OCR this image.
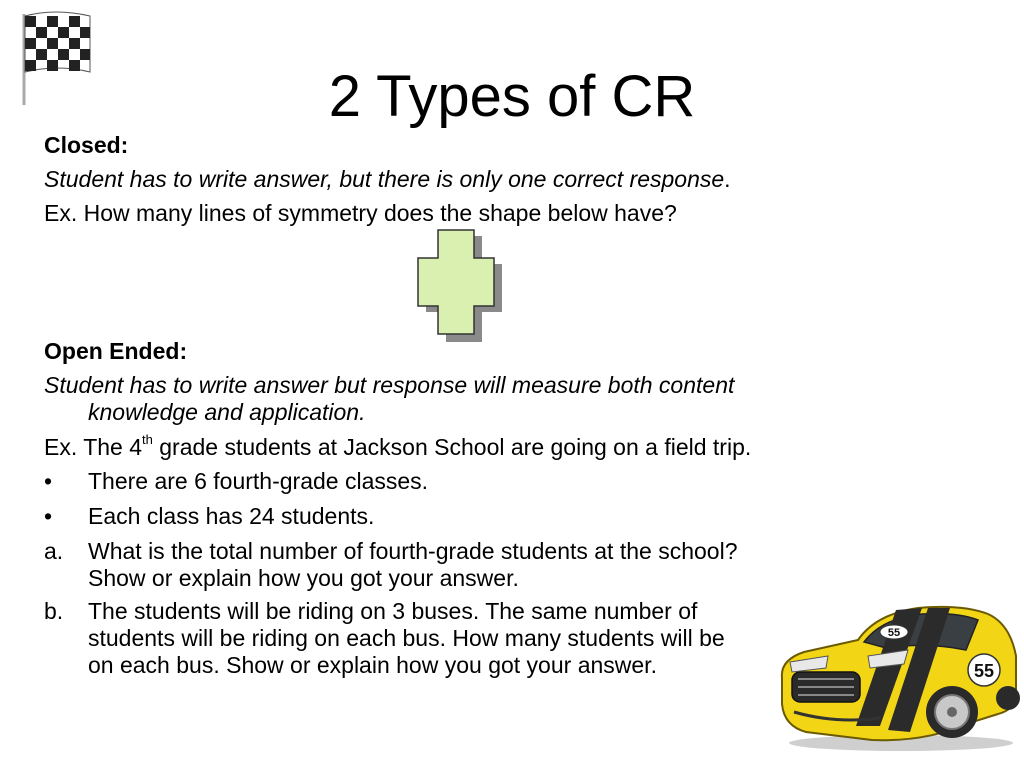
2 Types of CR
Closed:
Student has to write answer, but there is only one correct response.
Ex. How many lines of symmetry does the shape below have?
Open Ended:
Student has to write answer but response will measure both content
knowledge and application.
Ex. The 4th grade students at Jackson School are going on a field trip.
• There are 6 fourth-grade classes.
• Each class has 24 students.
a. What is the total number of fourth-grade students at the school?
Show or explain how you got your answer.
b. The students will be riding on 3 buses. The same number of
students will be riding on each bus. How many students will be
on each bus. Show or explain how you got your answer.
55
55
